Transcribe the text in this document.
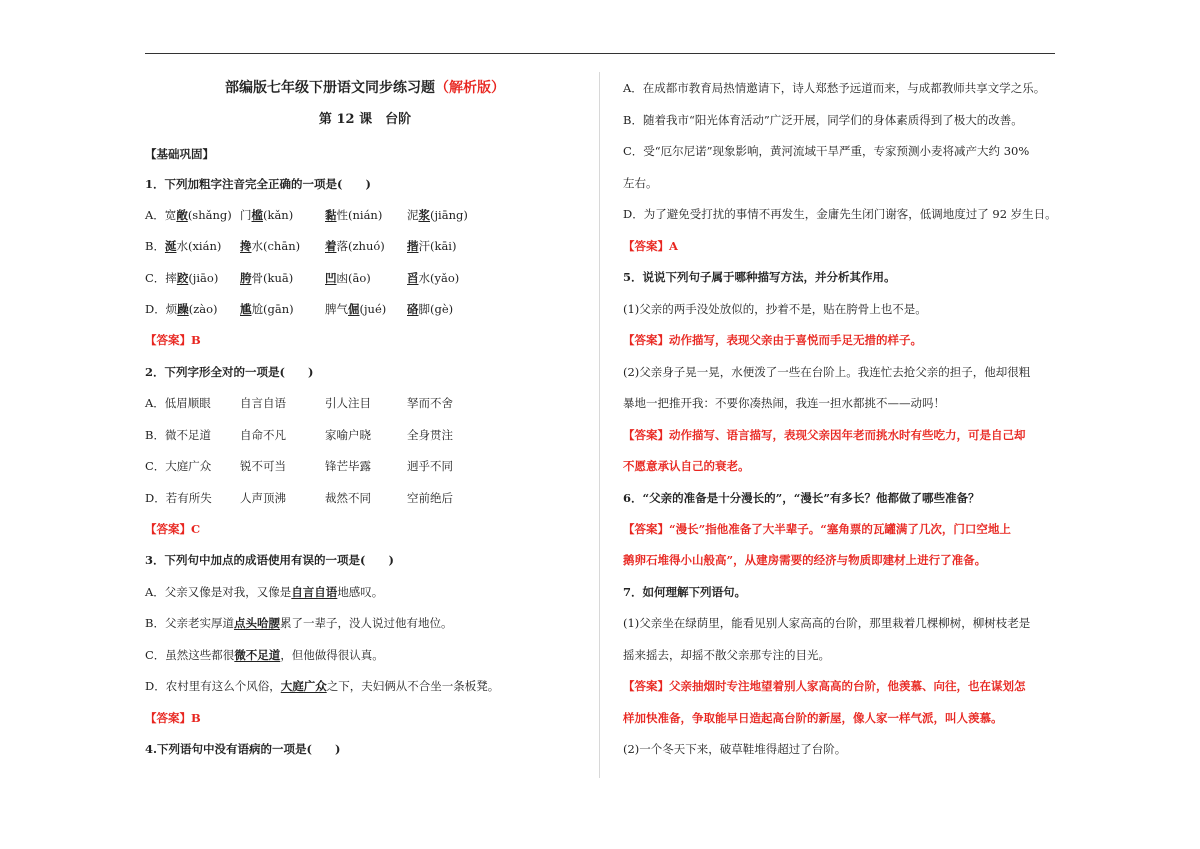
部编版七年级下册语文同步练习题（解析版）
第 12 课　台阶
【基础巩固】
1．下列加粗字注音完全正确的一项是(　　)
A．宽敞(shǎng) 门槛(kǎn)	黏性(nián) 泥浆(jiāng)
B．涎水(xián) 搀水(chān) 着落(zhuó) 揩汗(kāi)
C．摔跤(jiāo) 胯骨(kuā)	凹凼(āo)	舀水(yǎo)
D．烦躁(zào) 尴尬(gān)	脾气倔(jué) 硌脚(gè)
【答案】B
2．下列字形全对的一项是(　　)
A．低眉顺眼	自言自语	引人注目	孥而不舍
B．微不足道	自命不凡	家喻户晓	全身贯注
C．大庭广众 锐不可当	锋芒毕露	迥乎不同
D．若有所失 人声顶沸	裁然不同	空前绝后
【答案】C
3．下列句中加点的成语使用有误的一项是(　　)
A．父亲又像是对我，又像是自言自语地感叹。
B．父亲老实厚道点头哈腰累了一辈子，没人说过他有地位。
C．虽然这些都很微不足道，但他做得很认真。
D．农村里有这么个风俗，大庭广众之下，夫妇俩从不合坐一条板凳。
【答案】B
4.下列语句中没有语病的一项是(　　)
A．在成都市教育局热情邀请下，诗人郑愁予远道而来，与成都教师共享文学之乐。
B．随着我市“阳光体育活动”广泛开展，同学们的身体素质得到了极大的改善。
C．受“厄尔尼诺”现象影响，黄河流域干旱严重，专家预测小麦将减产大约 30%
左右。
D．为了避免受打扰的事情不再发生，金庸先生闭门谢客，低调地度过了 92 岁生日。
【答案】A
5．说说下列句子属于哪种描写方法，并分析其作用。
(1)父亲的两手没处放似的，抄着不是，贴在胯骨上也不是。
【答案】动作描写，表现父亲由于喜悦而手足无措的样子。
(2)父亲身子晃一晃，水便泼了一些在台阶上。我连忙去抢父亲的担子，他却很粗
暴地一把推开我：不要你凑热闹，我连一担水都挑不——动吗！
【答案】动作描写、语言描写，表现父亲因年老而挑水时有些吃力，可是自己却
不愿意承认自己的衰老。
6．“父亲的准备是十分漫长的”，“漫长”有多长？他都做了哪些准备？
【答案】“漫长”指他准备了大半辈子。“塞角票的瓦罐满了几次，门口空地上
鹅卵石堆得小山般高”，从建房需要的经济与物质即建材上进行了准备。
7．如何理解下列语句。
(1)父亲坐在绿荫里，能看见别人家高高的台阶，那里栽着几棵柳树，柳树枝老是
摇来摇去，却摇不散父亲那专注的目光。
【答案】父亲抽烟时专注地望着别人家高高的台阶，他羡慕、向往，也在谋划怎
样加快准备，争取能早日造起高台阶的新屋，像人家一样气派，叫人羡慕。
(2)一个冬天下来，破草鞋堆得超过了台阶。
